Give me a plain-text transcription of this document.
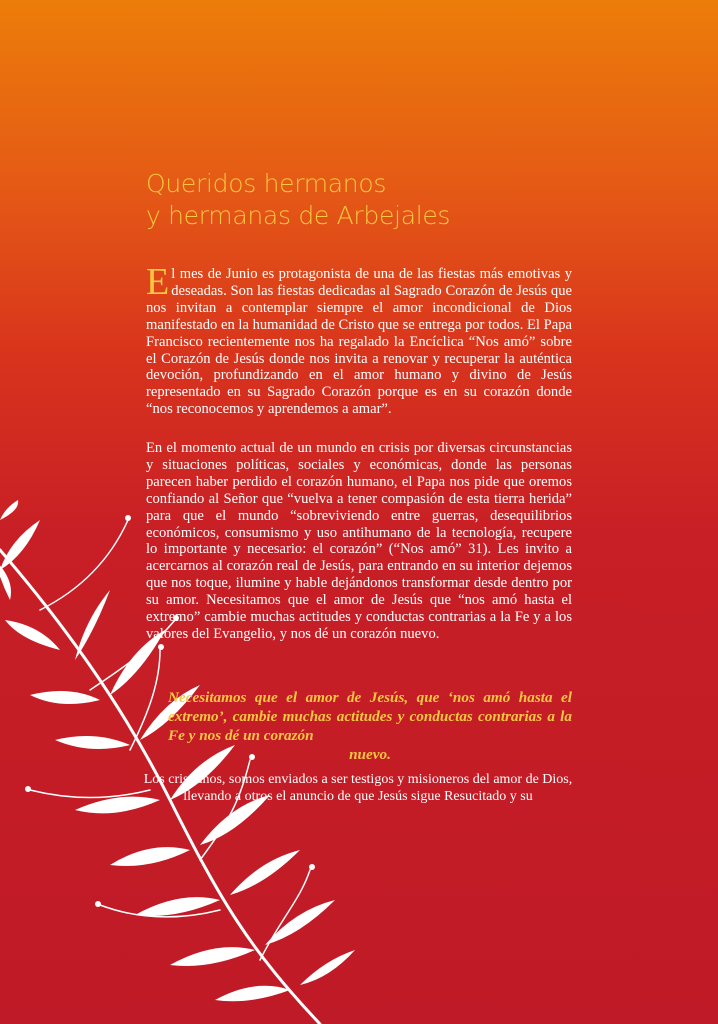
Queridos hermanos
y hermanas de Arbejales

El mes de Junio es protagonista de una de las fiestas más emotivas y deseadas. Son las fiestas dedicadas al Sagrado Corazón de Jesús que nos invitan a contemplar siempre el amor incondicional de Dios manifestado en la humanidad de Cristo que se entrega por todos. El Papa Francisco recientemente nos ha regalado la Encíclica “Nos amó” sobre el Corazón de Jesús donde nos invita a renovar y recuperar la auténtica devoción, profundizando en el amor humano y divino de Jesús representado en su Sagrado Corazón porque es en su corazón donde “nos reconocemos y aprendemos a amar”.

En el momento actual de un mundo en crisis por diversas circunstancias y situaciones políticas, sociales y económicas, donde las personas parecen haber perdido el corazón humano, el Papa nos pide que oremos confiando al Señor que “vuelva a tener compasión de esta tierra herida” para que el mundo “sobreviviendo entre guerras, desequilibrios económicos, consumismo y uso antihumano de la tecnología, recupere lo importante y necesario: el corazón” (“Nos amó” 31). Les invito a acercarnos al corazón real de Jesús, para entrando en su interior dejemos que nos toque, ilumine y hable dejándonos transformar desde dentro por su amor. Necesitamos que el amor de Jesús que “nos amó hasta el extremo” cambie muchas actitudes y conductas contrarias a la Fe y a los valores del Evangelio, y nos dé un corazón nuevo.

Necesitamos que el amor de Jesús, que ‘nos amó hasta el extremo’, cambie muchas actitudes y conductas contrarias a la Fe y nos dé un corazón
nuevo.

Los cristianos, somos enviados a ser testigos y misioneros del amor de Dios, llevando a otros el anuncio de que Jesús sigue Resucitado y su
